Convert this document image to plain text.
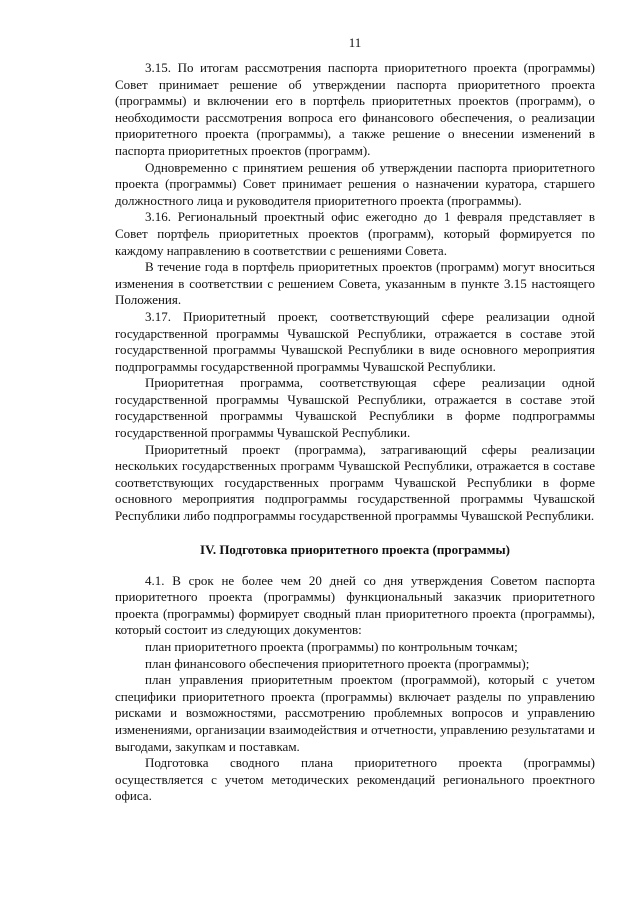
11

3.15. По итогам рассмотрения паспорта приоритетного проекта (программы) Совет принимает решение об утверждении паспорта приоритетного проекта (программы) и включении его в портфель приоритетных проектов (программ), о необходимости рассмотрения вопроса его финансового обеспечения, о реализации приоритетного проекта (программы), а также решение о внесении изменений в паспорта приоритетных проектов (программ).

Одновременно с принятием решения об утверждении паспорта приоритетного проекта (программы) Совет принимает решения о назначении куратора, старшего должностного лица и руководителя приоритетного проекта (программы).

3.16. Региональный проектный офис ежегодно до 1 февраля представляет в Совет портфель приоритетных проектов (программ), который формируется по каждому направлению в соответствии с решениями Совета.

В течение года в портфель приоритетных проектов (программ) могут вноситься изменения в соответствии с решением Совета, указанным в пункте 3.15 настоящего Положения.

3.17. Приоритетный проект, соответствующий сфере реализации одной государственной программы Чувашской Республики, отражается в составе этой государственной программы Чувашской Республики в виде основного мероприятия подпрограммы государственной программы Чувашской Республики.

Приоритетная программа, соответствующая сфере реализации одной государственной программы Чувашской Республики, отражается в составе этой государственной программы Чувашской Республики в форме подпрограммы государственной программы Чувашской Республики.

Приоритетный проект (программа), затрагивающий сферы реализации нескольких государственных программ Чувашской Республики, отражается в составе соответствующих государственных программ Чувашской Республики в форме основного мероприятия подпрограммы государственной программы Чувашской Республики либо подпрограммы государственной программы Чувашской Республики.

IV. Подготовка приоритетного проекта (программы)

4.1. В срок не более чем 20 дней со дня утверждения Советом паспорта приоритетного проекта (программы) функциональный заказчик приоритетного проекта (программы) формирует сводный план приоритетного проекта (программы), который состоит из следующих документов:

план приоритетного проекта (программы) по контрольным точкам;

план финансового обеспечения приоритетного проекта (программы);

план управления приоритетным проектом (программой), который с учетом специфики приоритетного проекта (программы) включает разделы по управлению рисками и возможностями, рассмотрению проблемных вопросов и управлению изменениями, организации взаимодействия и отчетности, управлению результатами и выгодами, закупкам и поставкам.

Подготовка сводного плана приоритетного проекта (программы) осуществляется с учетом методических рекомендаций регионального проектного офиса.
